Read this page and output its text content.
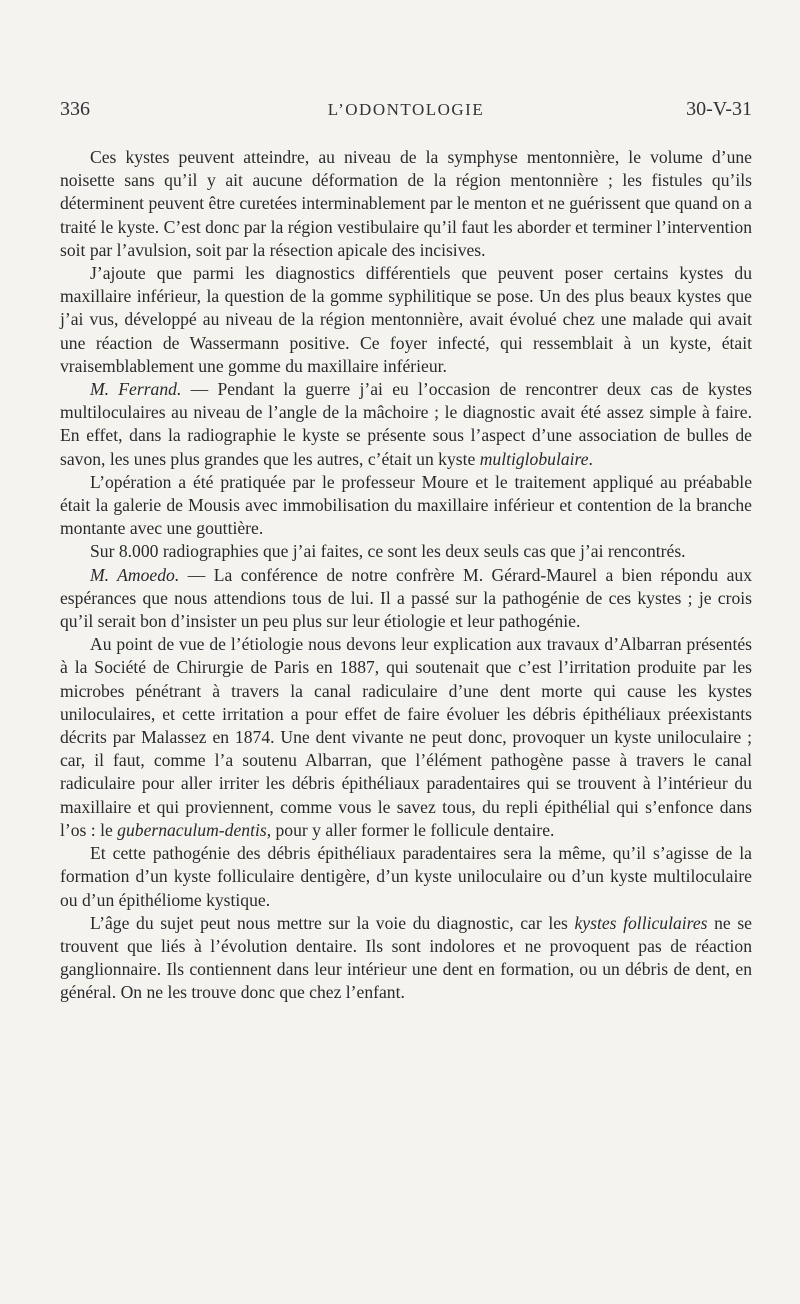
336	L’ODONTOLOGIE	30-V-31

Ces kystes peuvent atteindre, au niveau de la symphyse mentonnière, le volume d’une noisette sans qu’il y ait aucune déformation de la région mentonnière ; les fistules qu’ils déterminent peuvent être curetées interminablement par le menton et ne guérissent que quand on a traité le kyste. C’est donc par la région vestibulaire qu’il faut les aborder et terminer l’intervention soit par l’avulsion, soit par la résection apicale des incisives.

J’ajoute que parmi les diagnostics différentiels que peuvent poser certains kystes du maxillaire inférieur, la question de la gomme syphilitique se pose. Un des plus beaux kystes que j’ai vus, développé au niveau de la région mentonnière, avait évolué chez une malade qui avait une réaction de Wassermann positive. Ce foyer infecté, qui ressemblait à un kyste, était vraisemblablement une gomme du maxillaire inférieur.

M. Ferrand. — Pendant la guerre j’ai eu l’occasion de rencontrer deux cas de kystes multiloculaires au niveau de l’angle de la mâchoire ; le diagnostic avait été assez simple à faire. En effet, dans la radiographie le kyste se présente sous l’aspect d’une association de bulles de savon, les unes plus grandes que les autres, c’était un kyste multiglobulaire.

L’opération a été pratiquée par le professeur Moure et le traitement appliqué au préabable était la galerie de Mousis avec immobilisation du maxillaire inférieur et contention de la branche montante avec une gouttière.

Sur 8.000 radiographies que j’ai faites, ce sont les deux seuls cas que j’ai rencontrés.

M. Amoedo. — La conférence de notre confrère M. Gérard-Maurel a bien répondu aux espérances que nous attendions tous de lui. Il a passé sur la pathogénie de ces kystes ; je crois qu’il serait bon d’insister un peu plus sur leur étiologie et leur pathogénie.

Au point de vue de l’étiologie nous devons leur explication aux travaux d’Albarran présentés à la Société de Chirurgie de Paris en 1887, qui soutenait que c’est l’irritation produite par les microbes pénétrant à travers la canal radiculaire d’une dent morte qui cause les kystes uniloculaires, et cette irritation a pour effet de faire évoluer les débris épithéliaux préexistants décrits par Malassez en 1874. Une dent vivante ne peut donc, provoquer un kyste uniloculaire ; car, il faut, comme l’a soutenu Albarran, que l’élément pathogène passe à travers le canal radiculaire pour aller irriter les débris épithéliaux paradentaires qui se trouvent à l’intérieur du maxillaire et qui proviennent, comme vous le savez tous, du repli épithélial qui s’enfonce dans l’os : le gubernaculum-dentis, pour y aller former le follicule dentaire.

Et cette pathogénie des débris épithéliaux paradentaires sera la même, qu’il s’agisse de la formation d’un kyste folliculaire dentigère, d’un kyste uniloculaire ou d’un kyste multiloculaire ou d’un épithéliome kystique.

L’âge du sujet peut nous mettre sur la voie du diagnostic, car les kystes folliculaires ne se trouvent que liés à l’évolution dentaire. Ils sont indolores et ne provoquent pas de réaction ganglionnaire. Ils contiennent dans leur intérieur une dent en formation, ou un débris de dent, en général. On ne les trouve donc que chez l’enfant.
